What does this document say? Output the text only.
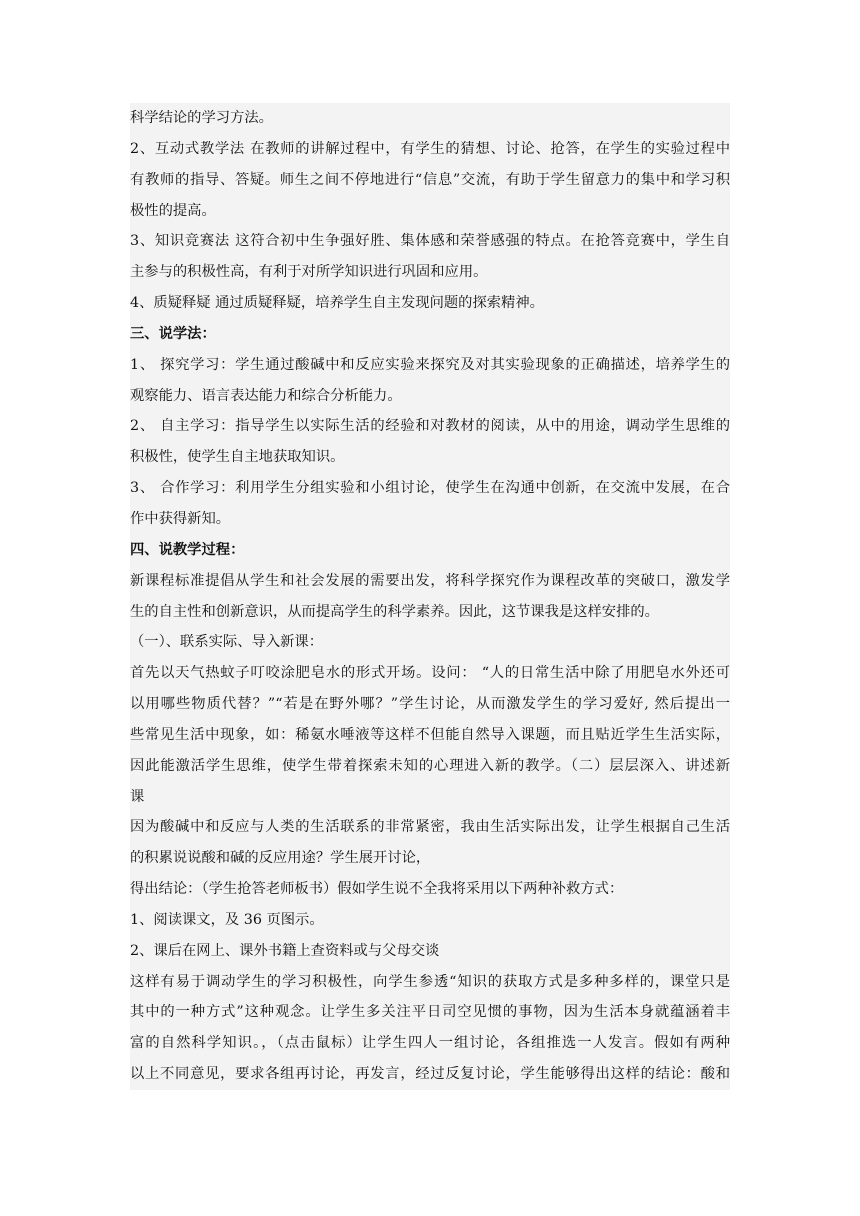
科学结论的学习方法。
2、互动式教学法 在教师的讲解过程中，有学生的猜想、讨论、抢答，在学生的实验过程中
有教师的指导、答疑。师生之间不停地进行“信息”交流，有助于学生留意力的集中和学习积
极性的提高。
3、知识竞赛法 这符合初中生争强好胜、集体感和荣誉感强的特点。在抢答竞赛中，学生自
主参与的积极性高，有利于对所学知识进行巩固和应用。
4、质疑释疑 通过质疑释疑，培养学生自主发现问题的探索精神。
三、说学法：
1、 探究学习：学生通过酸碱中和反应实验来探究及对其实验现象的正确描述，培养学生的
观察能力、语言表达能力和综合分析能力。
2、 自主学习：指导学生以实际生活的经验和对教材的阅读，从中的用途，调动学生思维的
积极性，使学生自主地获取知识。
3、 合作学习：利用学生分组实验和小组讨论，使学生在沟通中创新，在交流中发展，在合
作中获得新知。
四、说教学过程：
新课程标准提倡从学生和社会发展的需要出发，将科学探究作为课程改革的突破口，激发学
生的自主性和创新意识，从而提高学生的科学素养。因此，这节课我是这样安排的。
（一）、联系实际、导入新课：
首先以天气热蚊子叮咬涂肥皂水的形式开场。设问： “人的日常生活中除了用肥皂水外还可
以用哪些物质代替？”“若是在野外哪？”学生讨论，从而激发学生的学习爱好, 然后提出一
些常见生活中现象，如：稀氨水唾液等这样不但能自然导入课题，而且贴近学生生活实际，
因此能激活学生思维，使学生带着探索未知的心理进入新的教学。（二）层层深入、讲述新
课
因为酸碱中和反应与人类的生活联系的非常紧密，我由生活实际出发，让学生根据自己生活
的积累说说酸和碱的反应用途？学生展开讨论，
得出结论：（学生抢答老师板书）假如学生说不全我将采用以下两种补救方式：
1、阅读课文，及 36 页图示。
2、课后在网上、课外书籍上查资料或与父母交谈
这样有易于调动学生的学习积极性，向学生参透“知识的获取方式是多种多样的，课堂只是
其中的一种方式”这种观念。让学生多关注平日司空见惯的事物，因为生活本身就蕴涵着丰
富的自然科学知识。，（点击鼠标）让学生四人一组讨论，各组推选一人发言。假如有两种
以上不同意见，要求各组再讨论，再发言，经过反复讨论，学生能够得出这样的结论：酸和
